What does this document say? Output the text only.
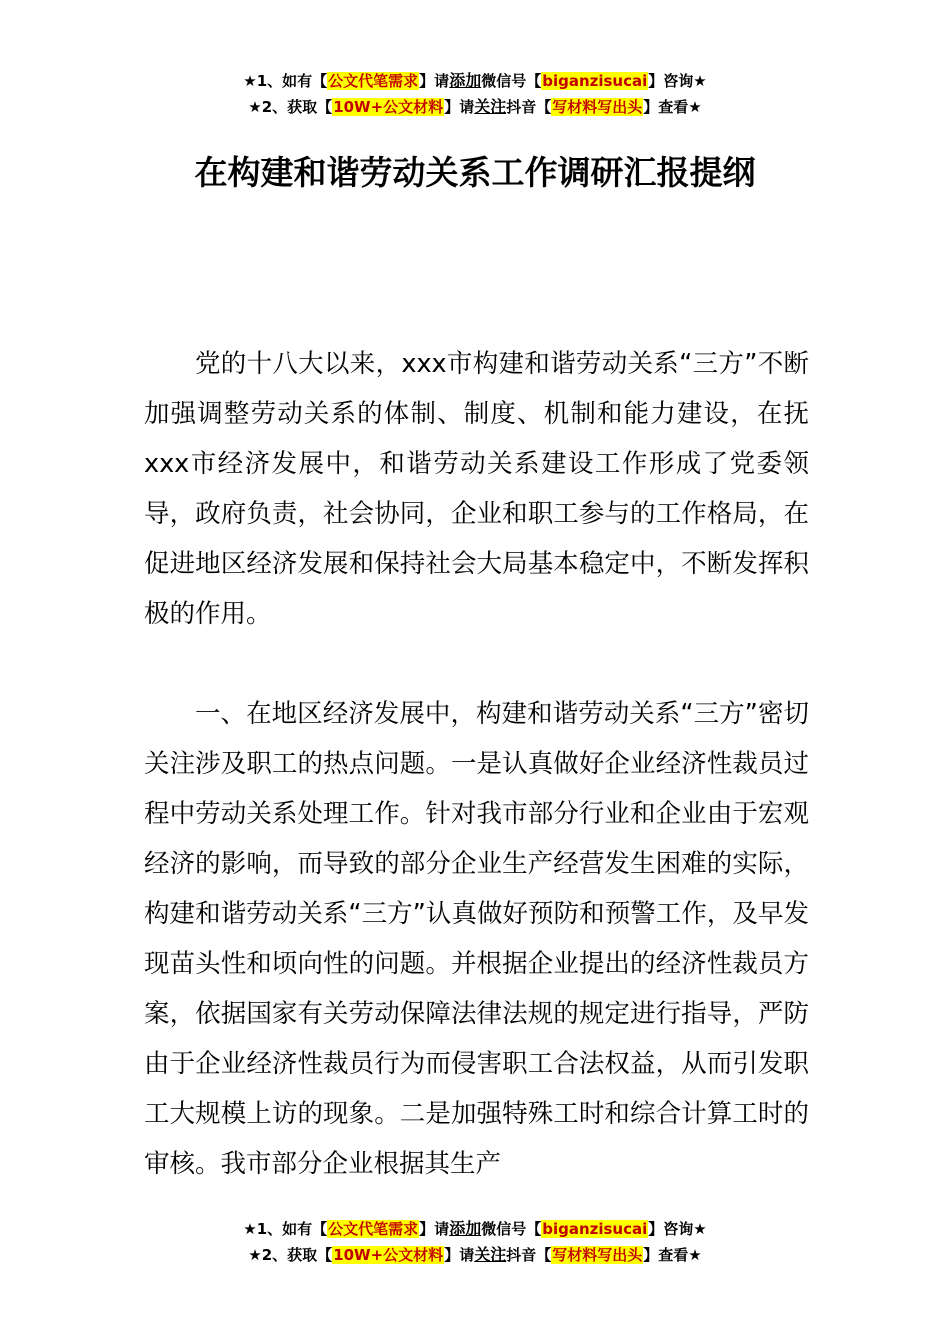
★1、如有【公文代笔需求】请添加微信号【biganzisucai】咨询★
★2、获取【10W+公文材料】请关注抖音【写材料写出头】查看★
在构建和谐劳动关系工作调研汇报提纲

党的十八大以来，xxx市构建和谐劳动关系“三方”不断加强调整劳动关系的体制、制度、机制和能力建设，在抚xxx市经济发展中，和谐劳动关系建设工作形成了党委领导，政府负责，社会协同，企业和职工参与的工作格局，在促进地区经济发展和保持社会大局基本稳定中，不断发挥积极的作用。

一、在地区经济发展中，构建和谐劳动关系“三方”密切关注涉及职工的热点问题。一是认真做好企业经济性裁员过程中劳动关系处理工作。针对我市部分行业和企业由于宏观经济的影响，而导致的部分企业生产经营发生困难的实际，构建和谐劳动关系“三方”认真做好预防和预警工作，及早发现苗头性和顷向性的问题。并根据企业提出的经济性裁员方案，依据国家有关劳动保障法律法规的规定进行指导，严防由于企业经济性裁员行为而侵害职工合法权益，从而引发职工大规模上访的现象。二是加强特殊工时和综合计算工时的审核。我市部分企业根据其生产

★1、如有【公文代笔需求】请添加微信号【biganzisucai】咨询★
★2、获取【10W+公文材料】请关注抖音【写材料写出头】查看★
